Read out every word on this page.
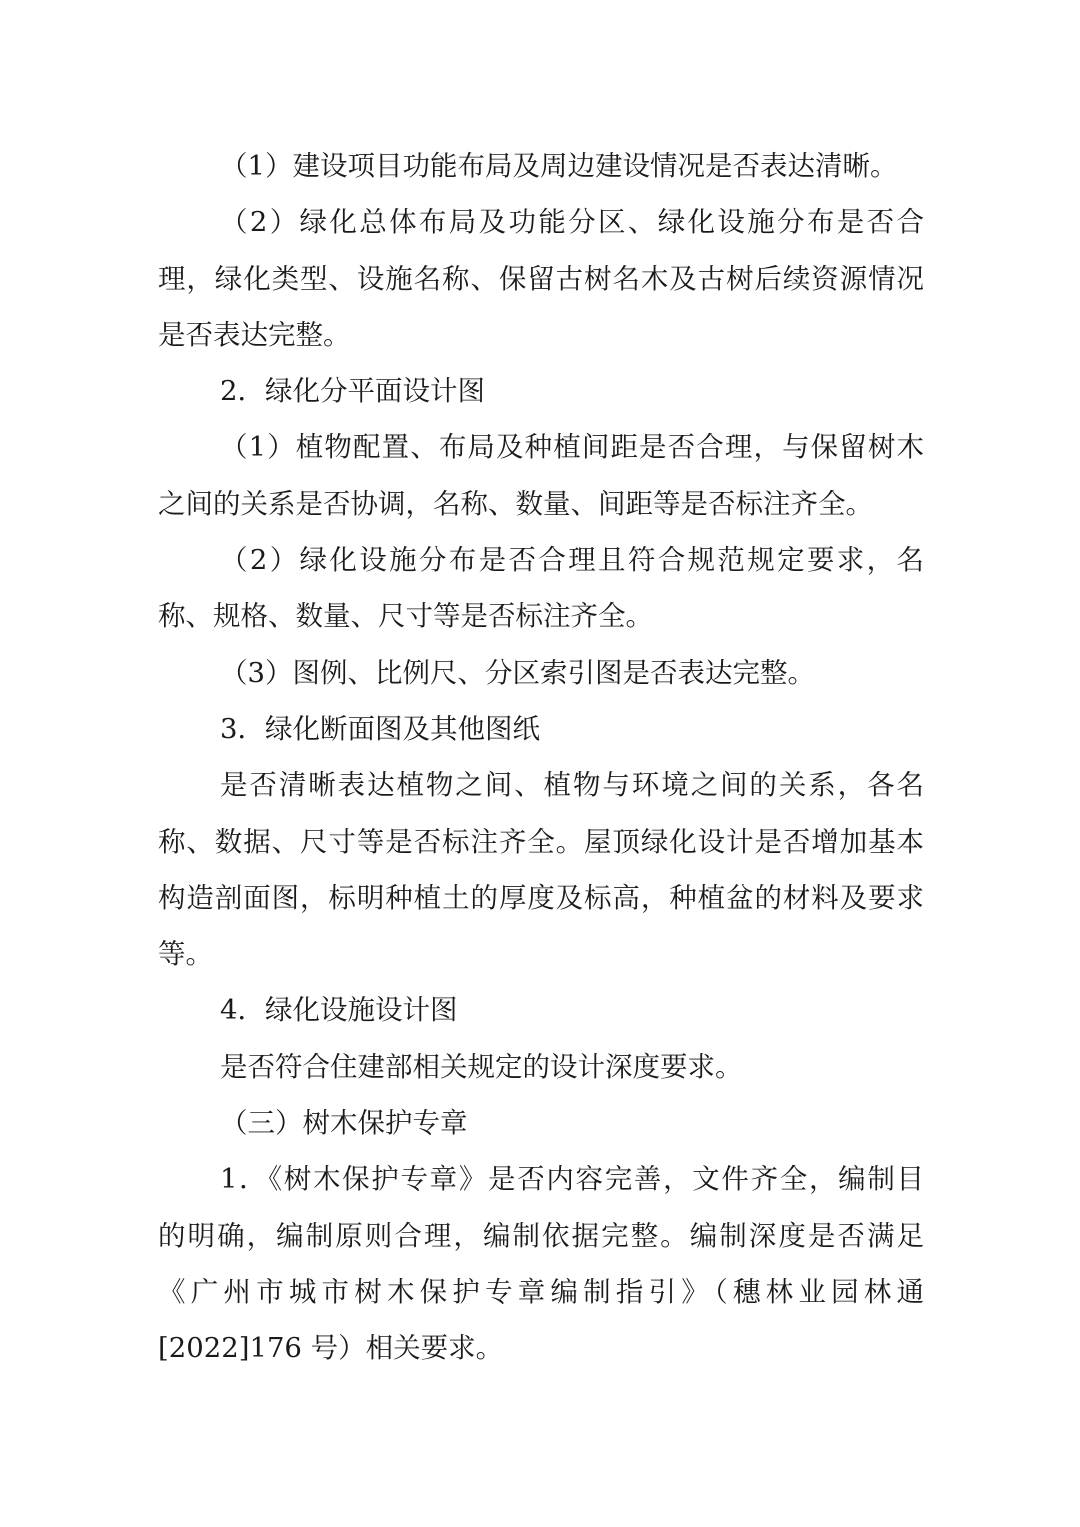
（1）建设项目功能布局及周边建设情况是否表达清晰。

（2）绿化总体布局及功能分区、绿化设施分布是否合理，绿化类型、设施名称、保留古树名木及古树后续资源情况是否表达完整。

2．绿化分平面设计图

（1）植物配置、布局及种植间距是否合理，与保留树木之间的关系是否协调，名称、数量、间距等是否标注齐全。

（2）绿化设施分布是否合理且符合规范规定要求，名称、规格、数量、尺寸等是否标注齐全。

（3）图例、比例尺、分区索引图是否表达完整。

3．绿化断面图及其他图纸

是否清晰表达植物之间、植物与环境之间的关系，各名称、数据、尺寸等是否标注齐全。屋顶绿化设计是否增加基本构造剖面图，标明种植土的厚度及标高，种植盆的材料及要求等。

4．绿化设施设计图

是否符合住建部相关规定的设计深度要求。

（三）树木保护专章

1．《树木保护专章》是否内容完善，文件齐全，编制目
的明确，编制原则合理，编制依据完整。编制深度是否满足
《广州市城市树木保护专章编制指引》（穗林业园林通
[2022]176 号）相关要求。
